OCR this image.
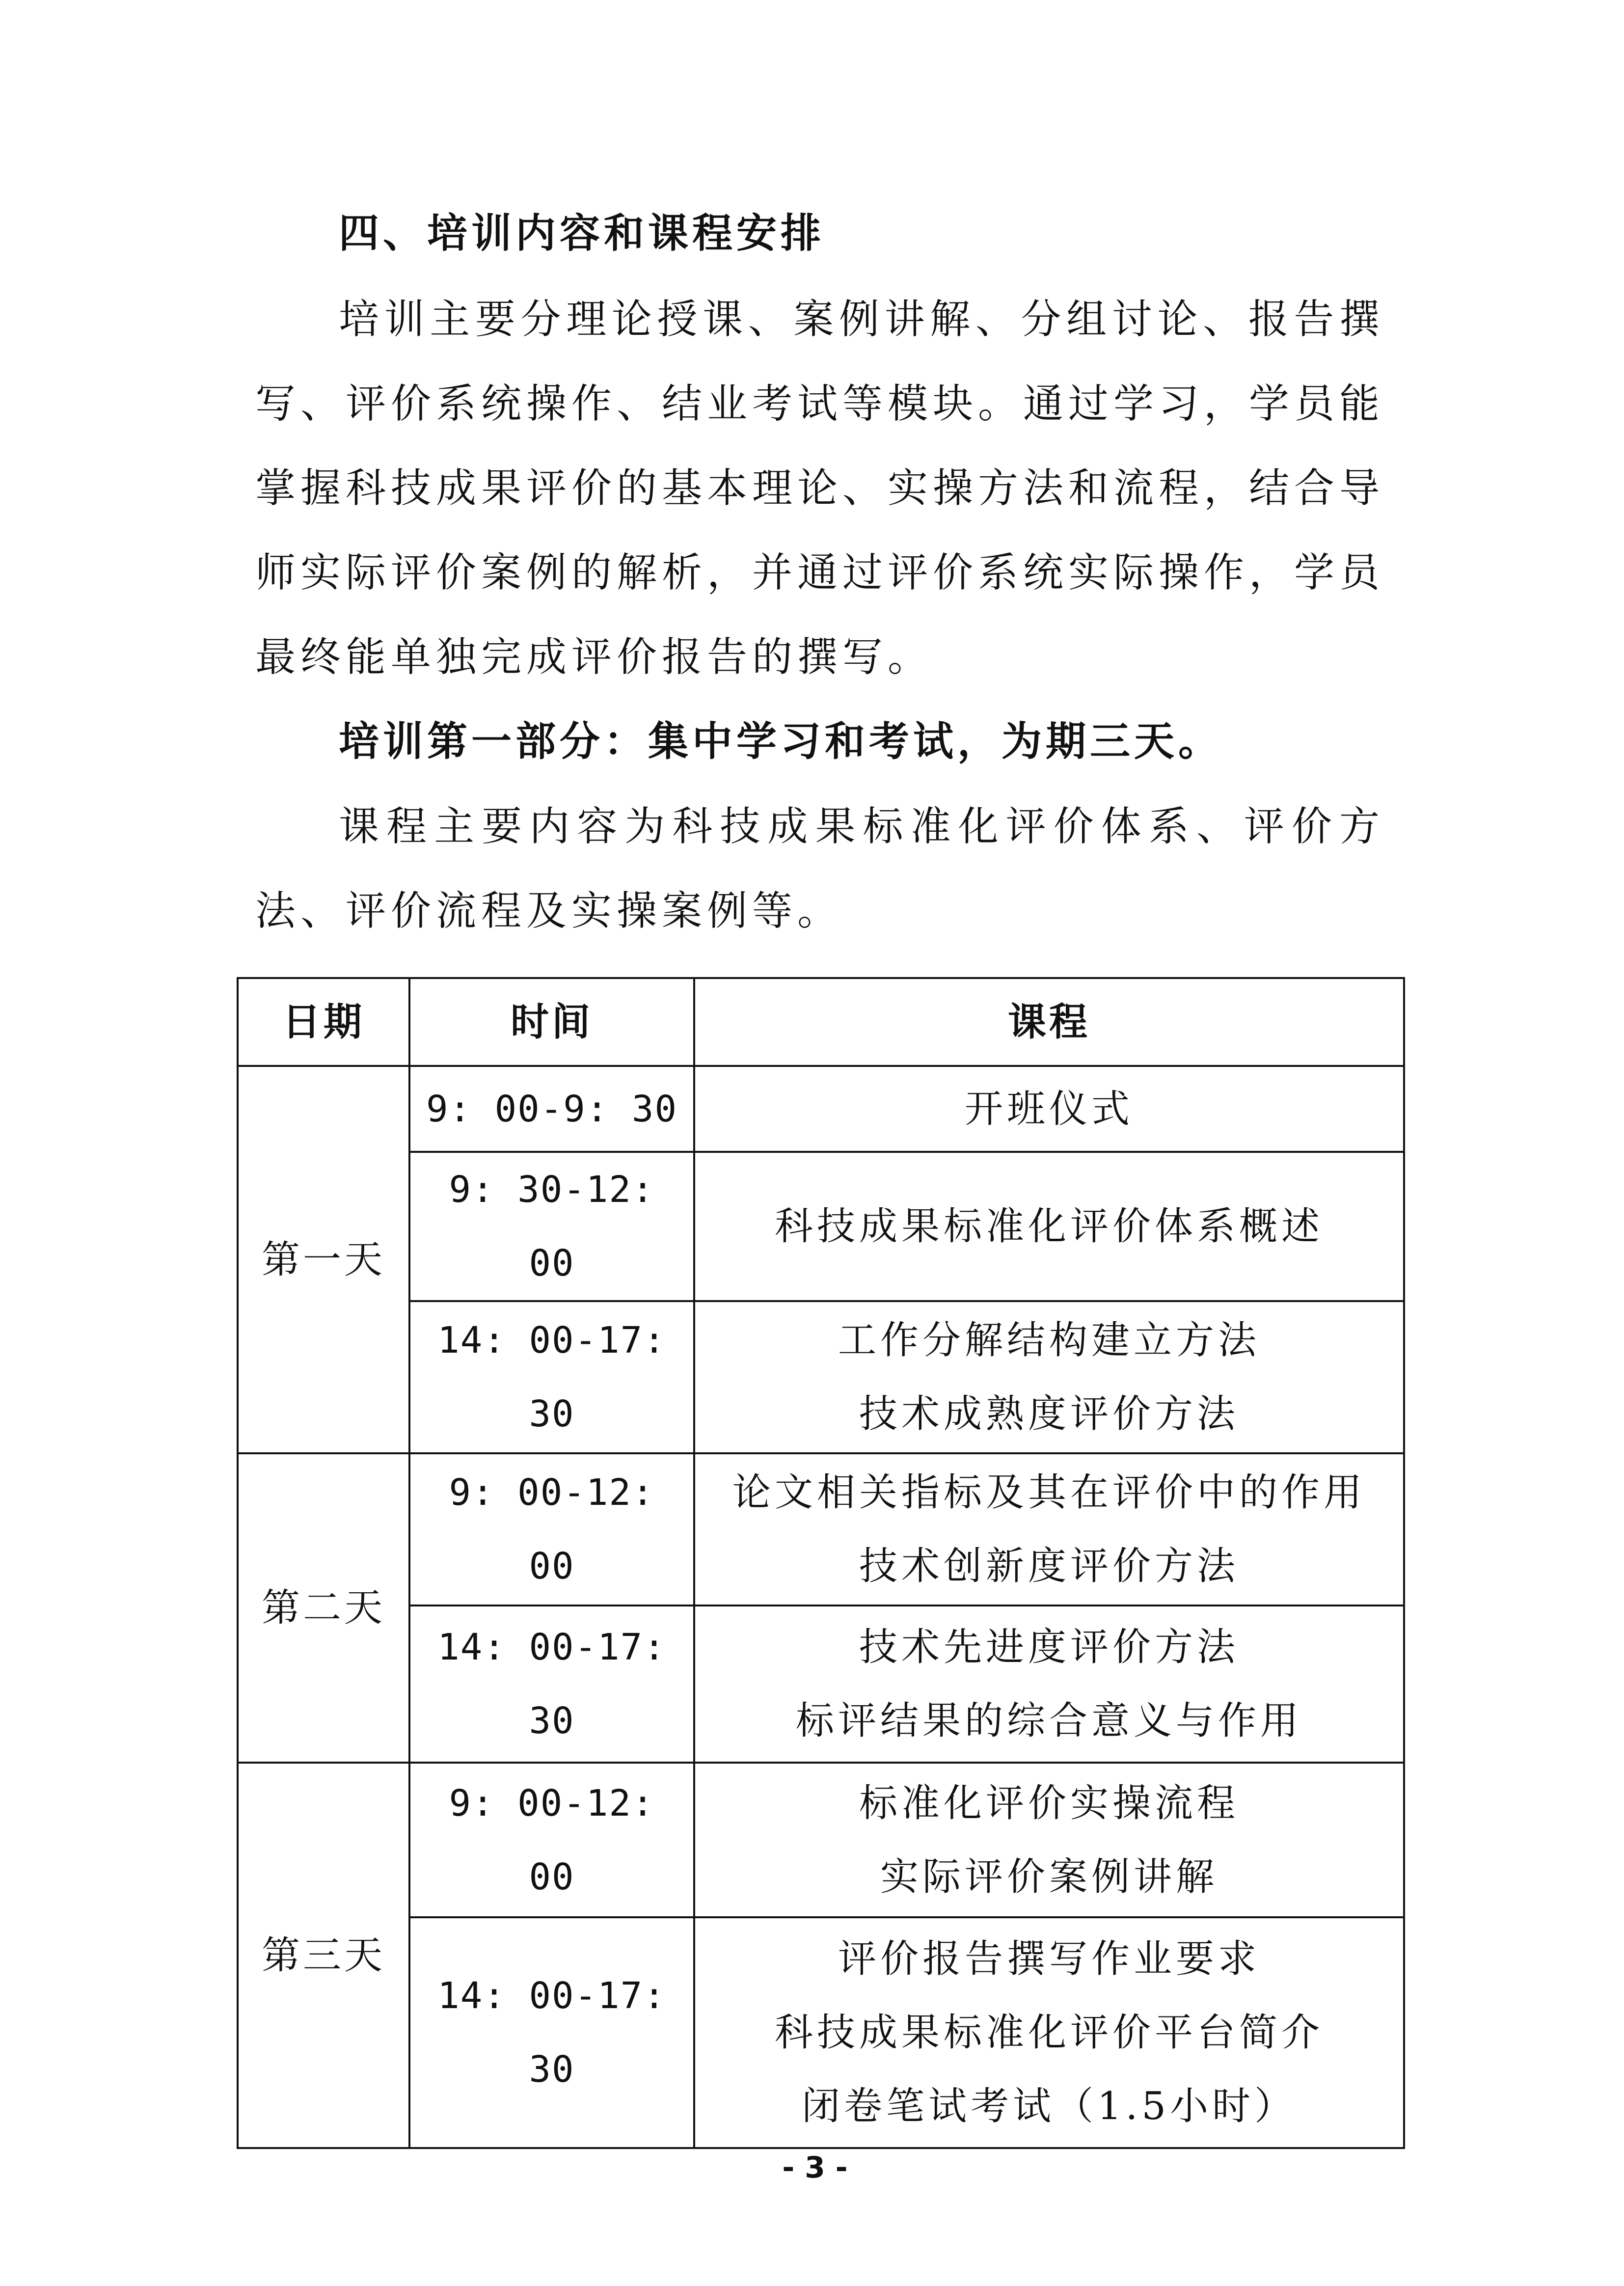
四、培训内容和课程安排

培训主要分理论授课、案例讲解、分组讨论、报告撰写、评价系统操作、结业考试等模块。通过学习，学员能掌握科技成果评价的基本理论、实操方法和流程，结合导师实际评价案例的解析，并通过评价系统实际操作，学员最终能单独完成评价报告的撰写。

培训第一部分：集中学习和考试，为期三天。

课程主要内容为科技成果标准化评价体系、评价方法、评价流程及实操案例等。

日期	时间	课程
第一天	9: 00-9: 30	开班仪式

	9: 30-12: 00	科技成果标准化评价体系概述

	14: 00-17: 30	工作分解结构建立方法
技术成熟度评价方法

第二天	9: 00-12: 00	论文相关指标及其在评价中的作用
技术创新度评价方法

	14: 00-17: 30	技术先进度评价方法
标评结果的综合意义与作用

第三天	9: 00-12: 00	标准化评价实操流程
实际评价案例讲解

	14: 00-17: 30	评价报告撰写作业要求
科技成果标准化评价平台简介
闭卷笔试考试（1.5小时）
- 3 -
